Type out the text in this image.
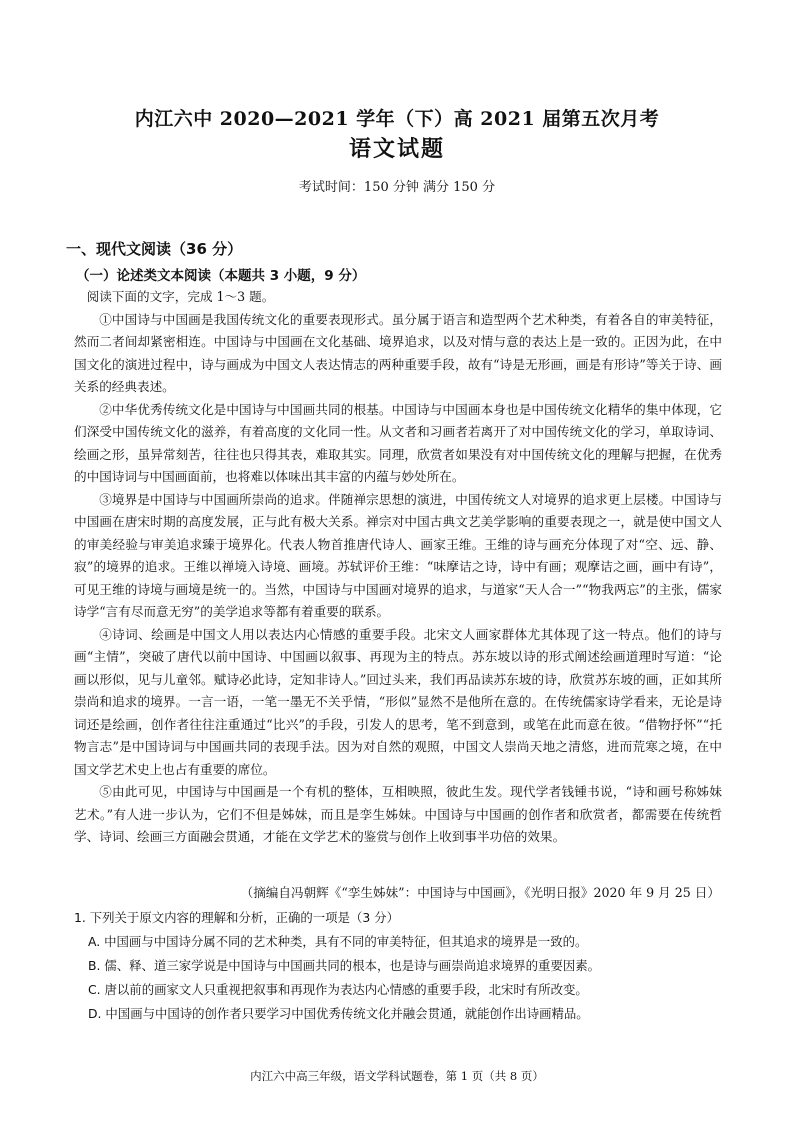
内江六中 2020—2021 学年（下）高 2021 届第五次月考
语文试题
考试时间：150 分钟 满分 150 分
一、现代文阅读（36 分）
（一）论述类文本阅读（本题共 3 小题，9 分）

阅读下面的文字，完成 1～3 题。

①中国诗与中国画是我国传统文化的重要表现形式。虽分属于语言和造型两个艺术种类，有着各自的审美特征，然而二者间却紧密相连。中国诗与中国画在文化基础、境界追求，以及对情与意的表达上是一致的。正因为此，在中国文化的演进过程中，诗与画成为中国文人表达情志的两种重要手段，故有“诗是无形画，画是有形诗”等关于诗、画关系的经典表述。

②中华优秀传统文化是中国诗与中国画共同的根基。中国诗与中国画本身也是中国传统文化精华的集中体现，它们深受中国传统文化的滋养，有着高度的文化同一性。从文者和习画者若离开了对中国传统文化的学习，单取诗词、绘画之形，虽异常刻苦，往往也只得其表，难取其实。同理，欣赏者如果没有对中国传统文化的理解与把握，在优秀的中国诗词与中国画面前，也将难以体味出其丰富的内蕴与妙处所在。

③境界是中国诗与中国画所崇尚的追求。伴随禅宗思想的演进，中国传统文人对境界的追求更上层楼。中国诗与中国画在唐宋时期的高度发展，正与此有极大关系。禅宗对中国古典文艺美学影响的重要表现之一，就是使中国文人的审美经验与审美追求臻于境界化。代表人物首推唐代诗人、画家王维。王维的诗与画充分体现了对“空、远、静、寂”的境界的追求。王维以禅境入诗境、画境。苏轼评价王维：“味摩诘之诗，诗中有画；观摩诘之画，画中有诗”，可见王维的诗境与画境是统一的。当然，中国诗与中国画对境界的追求，与道家“天人合一”“物我两忘”的主张，儒家诗学“言有尽而意无穷”的美学追求等都有着重要的联系。

④诗词、绘画是中国文人用以表达内心情感的重要手段。北宋文人画家群体尤其体现了这一特点。他们的诗与画“主情”，突破了唐代以前中国诗、中国画以叙事、再现为主的特点。苏东坡以诗的形式阐述绘画道理时写道：“论画以形似，见与儿童邻。赋诗必此诗，定知非诗人。”回过头来，我们再品读苏东坡的诗，欣赏苏东坡的画，正如其所崇尚和追求的境界。一言一语，一笔一墨无不关乎情，“形似”显然不是他所在意的。在传统儒家诗学看来，无论是诗词还是绘画，创作者往往注重通过“比兴”的手段，引发人的思考，笔不到意到，或笔在此而意在彼。“借物抒怀”“托物言志”是中国诗词与中国画共同的表现手法。因为对自然的观照，中国文人崇尚天地之清悠，进而荒寒之境，在中国文学艺术史上也占有重要的席位。

⑤由此可见，中国诗与中国画是一个有机的整体，互相映照，彼此生发。现代学者钱锺书说，“诗和画号称姊妹艺术。”有人进一步认为，它们不但是姊妹，而且是孪生姊妹。中国诗与中国画的创作者和欣赏者，都需要在传统哲学、诗词、绘画三方面融会贯通，才能在文学艺术的鉴赏与创作上收到事半功倍的效果。

（摘编自冯朝辉《“孪生姊妹”：中国诗与中国画》，《光明日报》2020 年 9 月 25 日）

1. 下列关于原文内容的理解和分析，正确的一项是（3 分）

A. 中国画与中国诗分属不同的艺术种类，具有不同的审美特征，但其追求的境界是一致的。

B. 儒、释、道三家学说是中国诗与中国画共同的根本，也是诗与画崇尚追求境界的重要因素。

C. 唐以前的画家文人只重视把叙事和再现作为表达内心情感的重要手段，北宋时有所改变。

D. 中国画与中国诗的创作者只要学习中国优秀传统文化并融会贯通，就能创作出诗画精品。

内江六中高三年级，语文学科试题卷，第 1 页（共 8 页）
